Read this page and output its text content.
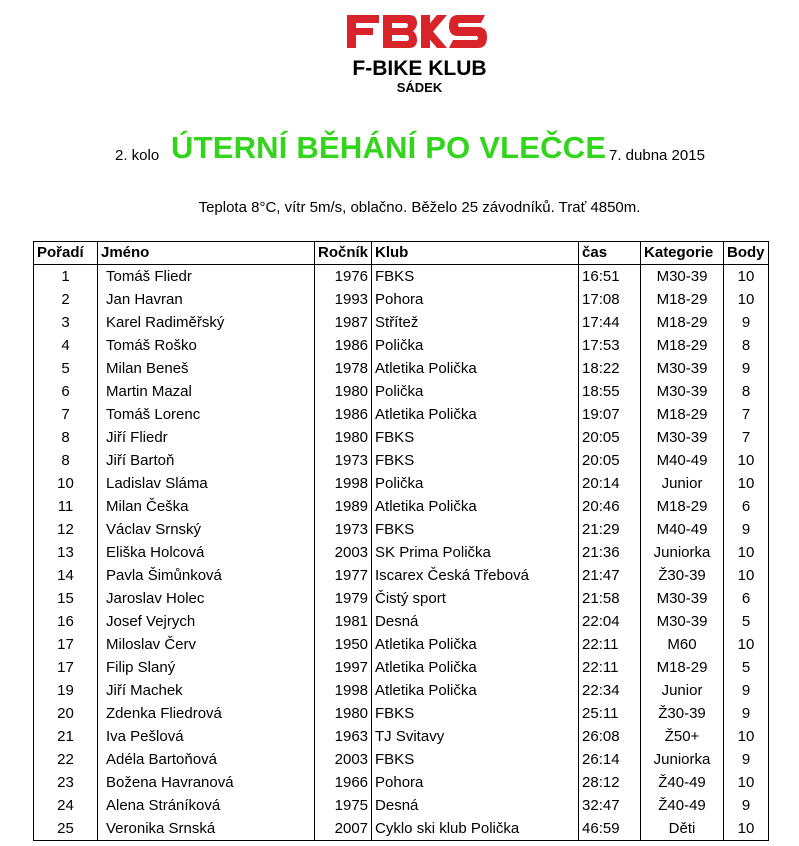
F-BIKE KLUB
SÁDEK
2. kolo ÚTERNÍ BĚHÁNÍ PO VLEČCE 7. dubna 2015
Teplota 8°C, vítr 5m/s, oblačno. Běželo 25 závodníků. Trať 4850m.
Pořadí	Jméno	Ročník	Klub	čas	Kategorie	Body
1	Tomáš Fliedr	1976	FBKS	16:51	M30-39	10
2	Jan Havran	1993	Pohora	17:08	M18-29	10
3	Karel Radiměřský	1987	Střítež	17:44	M18-29	9
4	Tomáš Roško	1986	Polička	17:53	M18-29	8
5	Milan Beneš	1978	Atletika Polička	18:22	M30-39	9
6	Martin Mazal	1980	Polička	18:55	M30-39	8
7	Tomáš Lorenc	1986	Atletika Polička	19:07	M18-29	7
8	Jiří Fliedr	1980	FBKS	20:05	M30-39	7
8	Jiří Bartoň	1973	FBKS	20:05	M40-49	10
10	Ladislav Sláma	1998	Polička	20:14	Junior	10
11	Milan Češka	1989	Atletika Polička	20:46	M18-29	6
12	Václav Srnský	1973	FBKS	21:29	M40-49	9
13	Eliška Holcová	2003	SK Prima Polička	21:36	Juniorka	10
14	Pavla Šimůnková	1977	Iscarex Česká Třebová	21:47	Ž30-39	10
15	Jaroslav Holec	1979	Čistý sport	21:58	M30-39	6
16	Josef Vejrych	1981	Desná	22:04	M30-39	5
17	Miloslav Červ	1950	Atletika Polička	22:11	M60	10
17	Filip Slaný	1997	Atletika Polička	22:11	M18-29	5
19	Jiří Machek	1998	Atletika Polička	22:34	Junior	9
20	Zdenka Fliedrová	1980	FBKS	25:11	Ž30-39	9
21	Iva Pešlová	1963	TJ Svitavy	26:08	Ž50+	10
22	Adéla Bartoňová	2003	FBKS	26:14	Juniorka	9
23	Božena Havranová	1966	Pohora	28:12	Ž40-49	10
24	Alena Stráníková	1975	Desná	32:47	Ž40-49	9
25	Veronika Srnská	2007	Cyklo ski klub Polička	46:59	Děti	10
